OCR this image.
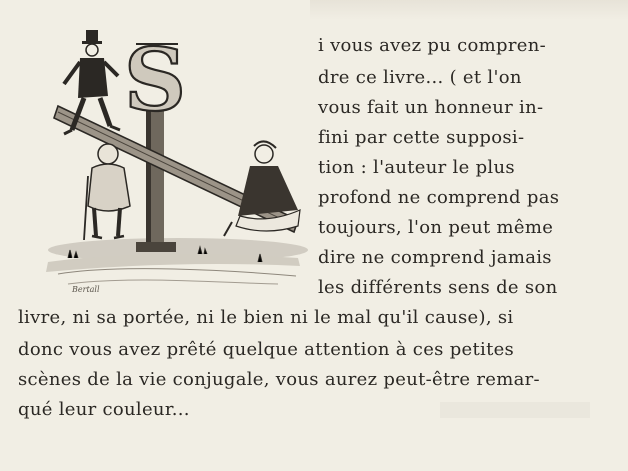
S
Bertall
i vous avez pu compren-
dre ce livre... ( et l'on
vous fait un honneur in-
fini par cette supposi-
tion : l'auteur le plus
profond ne comprend pas
toujours, l'on peut même
dire ne comprend jamais
les différents sens de son
livre, ni sa portée, ni le bien ni le mal qu'il cause), si
donc vous avez prêté quelque attention à ces petites
scènes de la vie conjugale, vous aurez peut-être remar-
qué leur couleur...
